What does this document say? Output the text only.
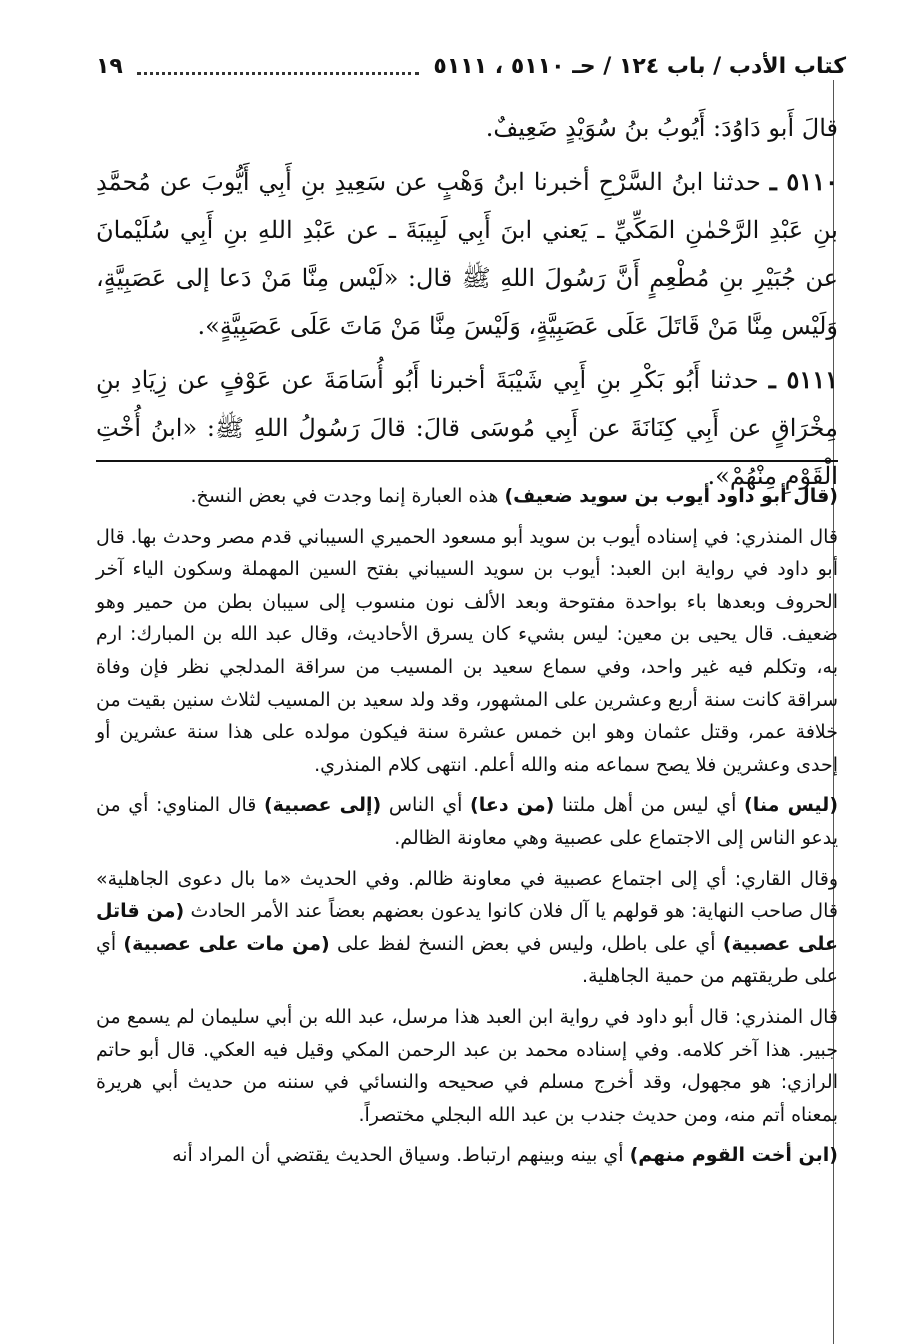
كتاب الأدب / باب ١٢٤ / حـ ٥١١٠ ، ٥١١١
١٩

قالَ أَبو دَاوُدَ: أَيُوبُ بنُ سُوَيْدٍ ضَعِيفٌ.

٥١١٠ ـ حدثنا ابنُ السَّرْحِ أخبرنا ابنُ وَهْبٍ عن سَعِيدِ بنِ أَبِي أَيُّوبَ عن مُحمَّدِ بنِ عَبْدِ الرَّحْمٰنِ المَكِّيِّ ـ يَعني ابنَ أَبِي لَبِيبَةَ ـ عن عَبْدِ اللهِ بنِ أَبِي سُلَيْمانَ عن جُبَيْرِ بنِ مُطْعِمٍ أَنَّ رَسُولَ اللهِ ﷺ قال: «لَيْس مِنَّا مَنْ دَعا إلى عَصَبِيَّةٍ، وَلَيْس مِنَّا مَنْ قَاتَلَ عَلَى عَصَبِيَّةٍ، وَلَيْسَ مِنَّا مَنْ مَاتَ عَلَى عَصَبِيَّةٍ».

٥١١١ ـ حدثنا أَبُو بَكْرِ بنِ أَبِي شَيْبَةَ أخبرنا أَبُو أُسَامَةَ عن عَوْفٍ عن زِيَادِ بنِ مِخْرَاقٍ عن أَبِي كِنَانَةَ عن أَبِي مُوسَى قالَ: قالَ رَسُولُ اللهِ ﷺ: «ابنُ أُخْتِ الْقَوْمِ مِنْهُمْ».

(قال أبو داود أيوب بن سويد ضعيف) هذه العبارة إنما وجدت في بعض النسخ.

قال المنذري: في إسناده أيوب بن سويد أبو مسعود الحميري السيباني قدم مصر وحدث بها. قال أبو داود في رواية ابن العبد: أيوب بن سويد السيباني بفتح السين المهملة وسكون الياء آخر الحروف وبعدها باء بواحدة مفتوحة وبعد الألف نون منسوب إلى سيبان بطن من حمير وهو ضعيف. قال يحيى بن معين: ليس بشيء كان يسرق الأحاديث، وقال عبد الله بن المبارك: ارم به، وتكلم فيه غير واحد، وفي سماع سعيد بن المسيب من سراقة المدلجي نظر فإن وفاة سراقة كانت سنة أربع وعشرين على المشهور، وقد ولد سعيد بن المسيب لثلاث سنين بقيت من خلافة عمر، وقتل عثمان وهو ابن خمس عشرة سنة فيكون مولده على هذا سنة عشرين أو إحدى وعشرين فلا يصح سماعه منه والله أعلم. انتهى كلام المنذري.

(ليس منا) أي ليس من أهل ملتنا (من دعا) أي الناس (إلى عصبية) قال المناوي: أي من يدعو الناس إلى الاجتماع على عصبية وهي معاونة الظالم.

وقال القاري: أي إلى اجتماع عصبية في معاونة ظالم. وفي الحديث «ما بال دعوى الجاهلية» قال صاحب النهاية: هو قولهم يا آل فلان كانوا يدعون بعضهم بعضاً عند الأمر الحادث (من قاتل على عصبية) أي على باطل، وليس في بعض النسخ لفظ على (من مات على عصبية) أي على طريقتهم من حمية الجاهلية.

قال المنذري: قال أبو داود في رواية ابن العبد هذا مرسل، عبد الله بن أبي سليمان لم يسمع من جبير. هذا آخر كلامه. وفي إسناده محمد بن عبد الرحمن المكي وقيل فيه العكي. قال أبو حاتم الرازي: هو مجهول، وقد أخرج مسلم في صحيحه والنسائي في سننه من حديث أبي هريرة بمعناه أتم منه، ومن حديث جندب بن عبد الله البجلي مختصراً.

(ابن أخت القوم منهم) أي بينه وبينهم ارتباط. وسياق الحديث يقتضي أن المراد أنه
